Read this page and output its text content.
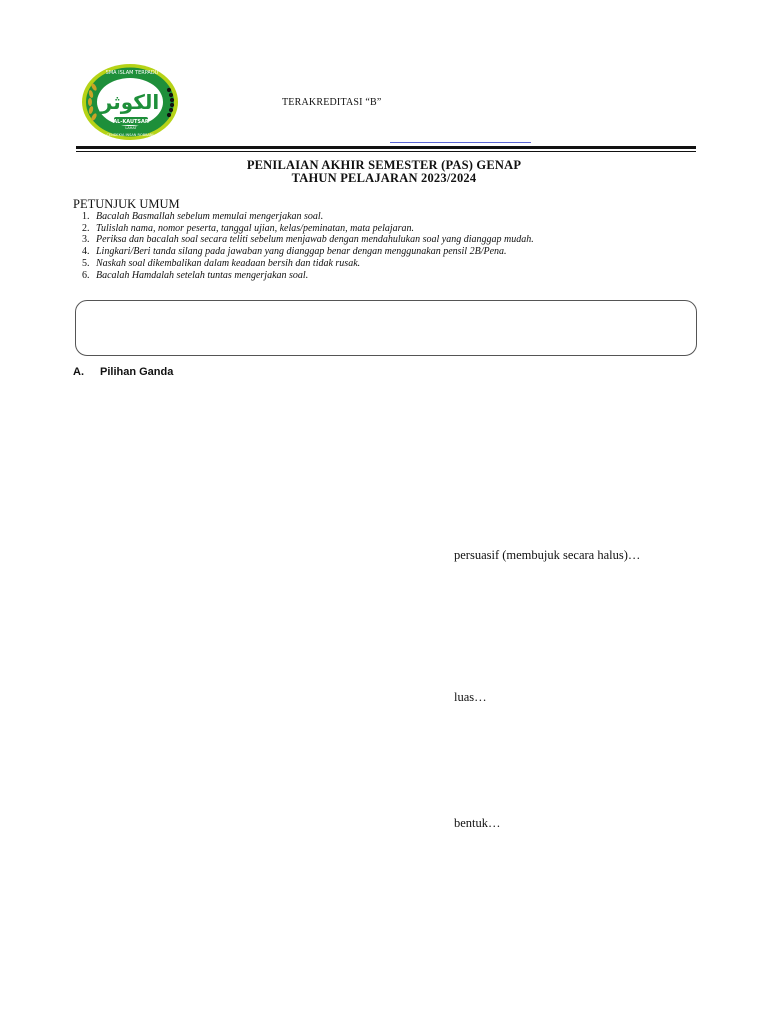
الكوثر
SMA ISLAM TERPADU
AL-KAUTSAR
LAHAT
CENDEKIA INSAN ROBBANI
TERAKREDITASI “B”
PENILAIAN AKHIR SEMESTER (PAS) GENAP
TAHUN PELAJARAN 2023/2024
PETUNJUK UMUM
1. Bacalah Basmallah sebelum memulai mengerjakan soal.
2. Tulislah nama, nomor peserta, tanggal ujian, kelas/peminatan, mata pelajaran.
3. Periksa dan bacalah soal secara teliti sebelum menjawab dengan mendahulukan soal yang dianggap mudah.
4. Lingkari/Beri tanda silang pada jawaban yang dianggap benar dengan menggunakan pensil 2B/Pena.
5. Naskah soal dikembalikan dalam keadaan bersih dan tidak rusak.
6. Bacalah Hamdalah setelah tuntas mengerjakan soal.
A. Pilihan Ganda
persuasif (membujuk secara halus)…
luas…
bentuk…
